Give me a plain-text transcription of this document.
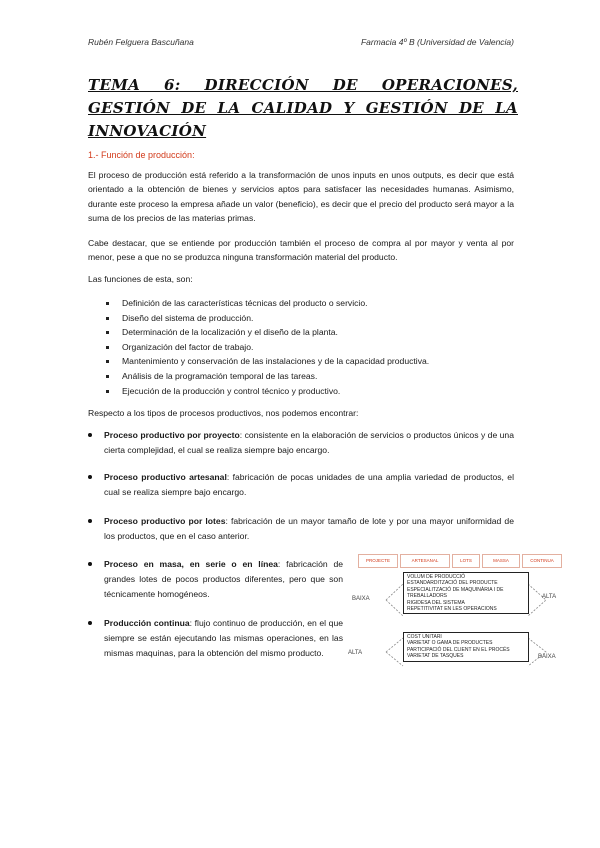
Rubén Felguera Bascuñana	Farmacia 4º B (Universidad de Valencia)
TEMA 6: DIRECCIÓN DE OPERACIONES, GESTIÓN DE LA CALIDAD Y GESTIÓN DE LA INNOVACIÓN
1.- Función de producción:

El proceso de producción está referido a la transformación de unos inputs en unos outputs, es decir que está orientado a la obtención de bienes y servicios aptos para satisfacer las necesidades humanas. Asimismo, durante este proceso la empresa añade un valor (beneficio), es decir que el precio del producto será mayor a la suma de los precios de las materias primas.

Cabe destacar, que se entiende por producción también el proceso de compra al por mayor y venta al por menor, pese a que no se produzca ninguna transformación material del producto.

Las funciones de esta, son:

Definición de las características técnicas del producto o servicio.
Diseño del sistema de producción.
Determinación de la localización y el diseño de la planta.
Organización del factor de trabajo.
Mantenimiento y conservación de las instalaciones y de la capacidad productiva.
Análisis de la programación temporal de las tareas.
Ejecución de la producción y control técnico y productivo.

Respecto a los tipos de procesos productivos, nos podemos encontrar:

Proceso productivo por proyecto: consistente en la elaboración de servicios o productos únicos y de una cierta complejidad, el cual se realiza siempre bajo encargo.
Proceso productivo artesanal: fabricación de pocas unidades de una amplia variedad de productos, el cual se realiza siempre bajo encargo.
Proceso productivo por lotes: fabricación de un mayor tamaño de lote y por una mayor uniformidad de los productos, que en el caso anterior.
Proceso en masa, en serie o en línea: fabricación de grandes lotes de pocos productos diferentes, pero que son técnicamente homogéneos.
Producción continua: flujo continuo de producción, en el que siempre se están ejecutando las mismas operaciones, en las mismas maquinas, para la obtención del mismo producto.
PROJECTE	ARTESANAL	LOTS	MASSA	CONTINUA
VOLUM DE PRODUCCIÓ
ESTANDARDITZACIÓ DEL PRODUCTE
ESPECIALITZACIÓ DE MAQUINÀRIA I DE
TREBALLADORS
RIGIDESA DEL SISTEMA
REPETITIVITAT EN LES OPERACIONS
BAIXA	ALTA
COST UNITARI
VARIETAT O GAMA DE PRODUCTES
PARTICIPACIÓ DEL CLIENT EN EL PROCÉS
VARIETAT DE TASQUES
ALTA
BAIXA
